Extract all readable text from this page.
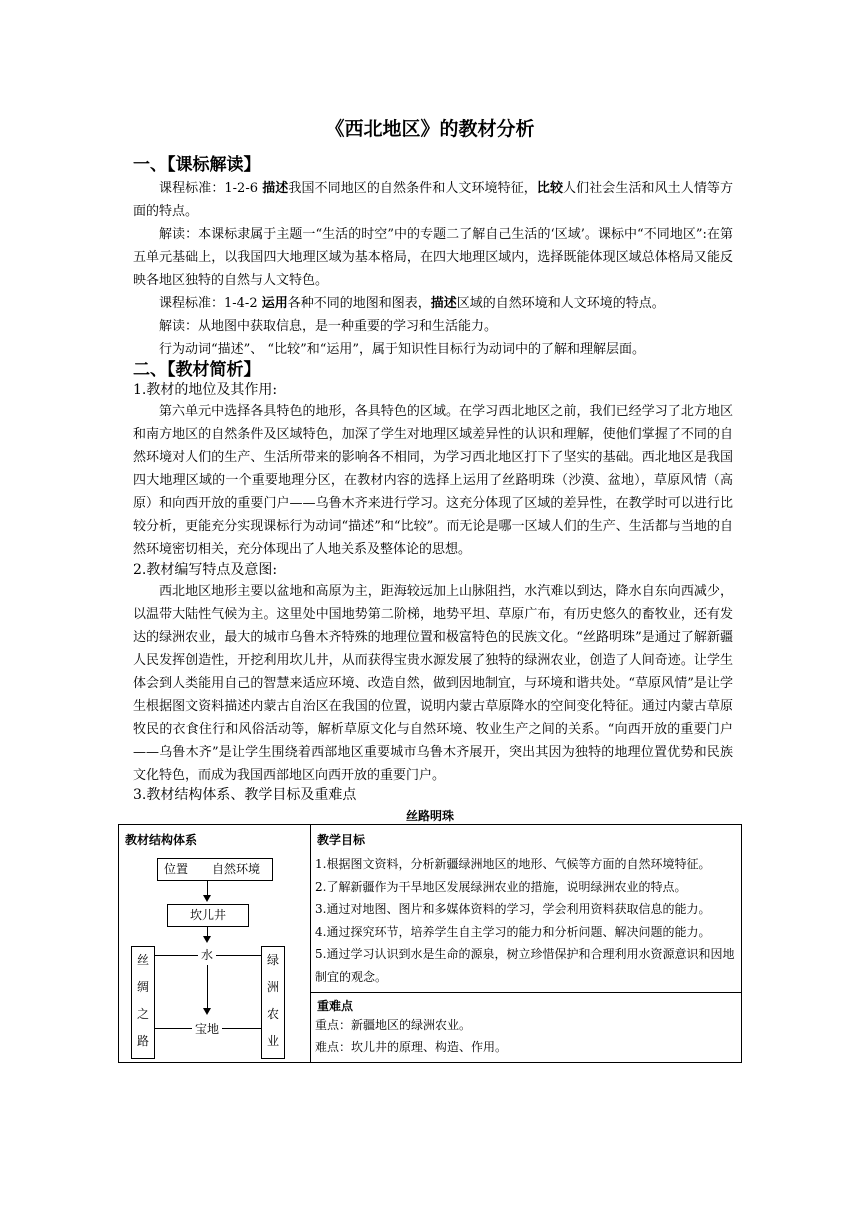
《西北地区》的教材分析
一、【课标解读】

课程标准：1-2-6 描述我国不同地区的自然条件和人文环境特征，比较人们社会生活和风土人情等方面的特点。

解读：本课标隶属于主题一“生活的时空”中的专题二了解自己生活的‘区域’。课标中“不同地区”:在第五单元基础上，以我国四大地理区域为基本格局，在四大地理区域内，选择既能体现区域总体格局又能反映各地区独特的自然与人文特色。

课程标准：1-4-2 运用各种不同的地图和图表，描述区域的自然环境和人文环境的特点。

解读：从地图中获取信息，是一种重要的学习和生活能力。

行为动词“描述”、 “比较”和“运用”，属于知识性目标行为动词中的了解和理解层面。

二、【教材简析】
1.教材的地位及其作用:

第六单元中选择各具特色的地形，各具特色的区域。在学习西北地区之前，我们已经学习了北方地区和南方地区的自然条件及区域特色，加深了学生对地理区域差异性的认识和理解，使他们掌握了不同的自然环境对人们的生产、生活所带来的影响各不相同，为学习西北地区打下了坚实的基础。西北地区是我国四大地理区域的一个重要地理分区，在教材内容的选择上运用了丝路明珠（沙漠、盆地），草原风情（高原）和向西开放的重要门户——乌鲁木齐来进行学习。这充分体现了区域的差异性，在教学时可以进行比较分析，更能充分实现课标行为动词“描述”和“比较”。而无论是哪一区域人们的生产、生活都与当地的自然环境密切相关，充分体现出了人地关系及整体论的思想。

2.教材编写特点及意图:

西北地区地形主要以盆地和高原为主，距海较远加上山脉阻挡，水汽难以到达，降水自东向西减少，以温带大陆性气候为主。这里处中国地势第二阶梯，地势平坦、草原广布，有历史悠久的畜牧业，还有发达的绿洲农业，最大的城市乌鲁木齐特殊的地理位置和极富特色的民族文化。“丝路明珠”是通过了解新疆人民发挥创造性，开挖利用坎儿井，从而获得宝贵水源发展了独特的绿洲农业，创造了人间奇迹。让学生体会到人类能用自己的智慧来适应环境、改造自然，做到因地制宜，与环境和谐共处。“草原风情”是让学生根据图文资料描述内蒙古自治区在我国的位置，说明内蒙古草原降水的空间变化特征。通过内蒙古草原牧民的衣食住行和风俗活动等，解析草原文化与自然环境、牧业生产之间的关系。“向西开放的重要门户——乌鲁木齐”是让学生围绕着西部地区重要城市乌鲁木齐展开，突出其因为独特的地理位置优势和民族文化特色，而成为我国西部地区向西开放的重要门户。

3.教材结构体系、教学目标及重难点
丝路明珠
教材结构体系
位置 自然环境
坎儿井
丝
绸
之
路
绿
洲
农
业
水
宝地

教学目标
1.根据图文资料，分析新疆绿洲地区的地形、气候等方面的自然环境特征。
2.了解新疆作为干旱地区发展绿洲农业的措施，说明绿洲农业的特点。
3.通过对地图、图片和多媒体资料的学习，学会利用资料获取信息的能力。
4.通过探究环节，培养学生自主学习的能力和分析问题、解决问题的能力。
5.通过学习认识到水是生命的源泉，树立珍惜保护和合理利用水资源意识和因地制宜的观念。

重难点
重点：新疆地区的绿洲农业。
难点：坎儿井的原理、构造、作用。
